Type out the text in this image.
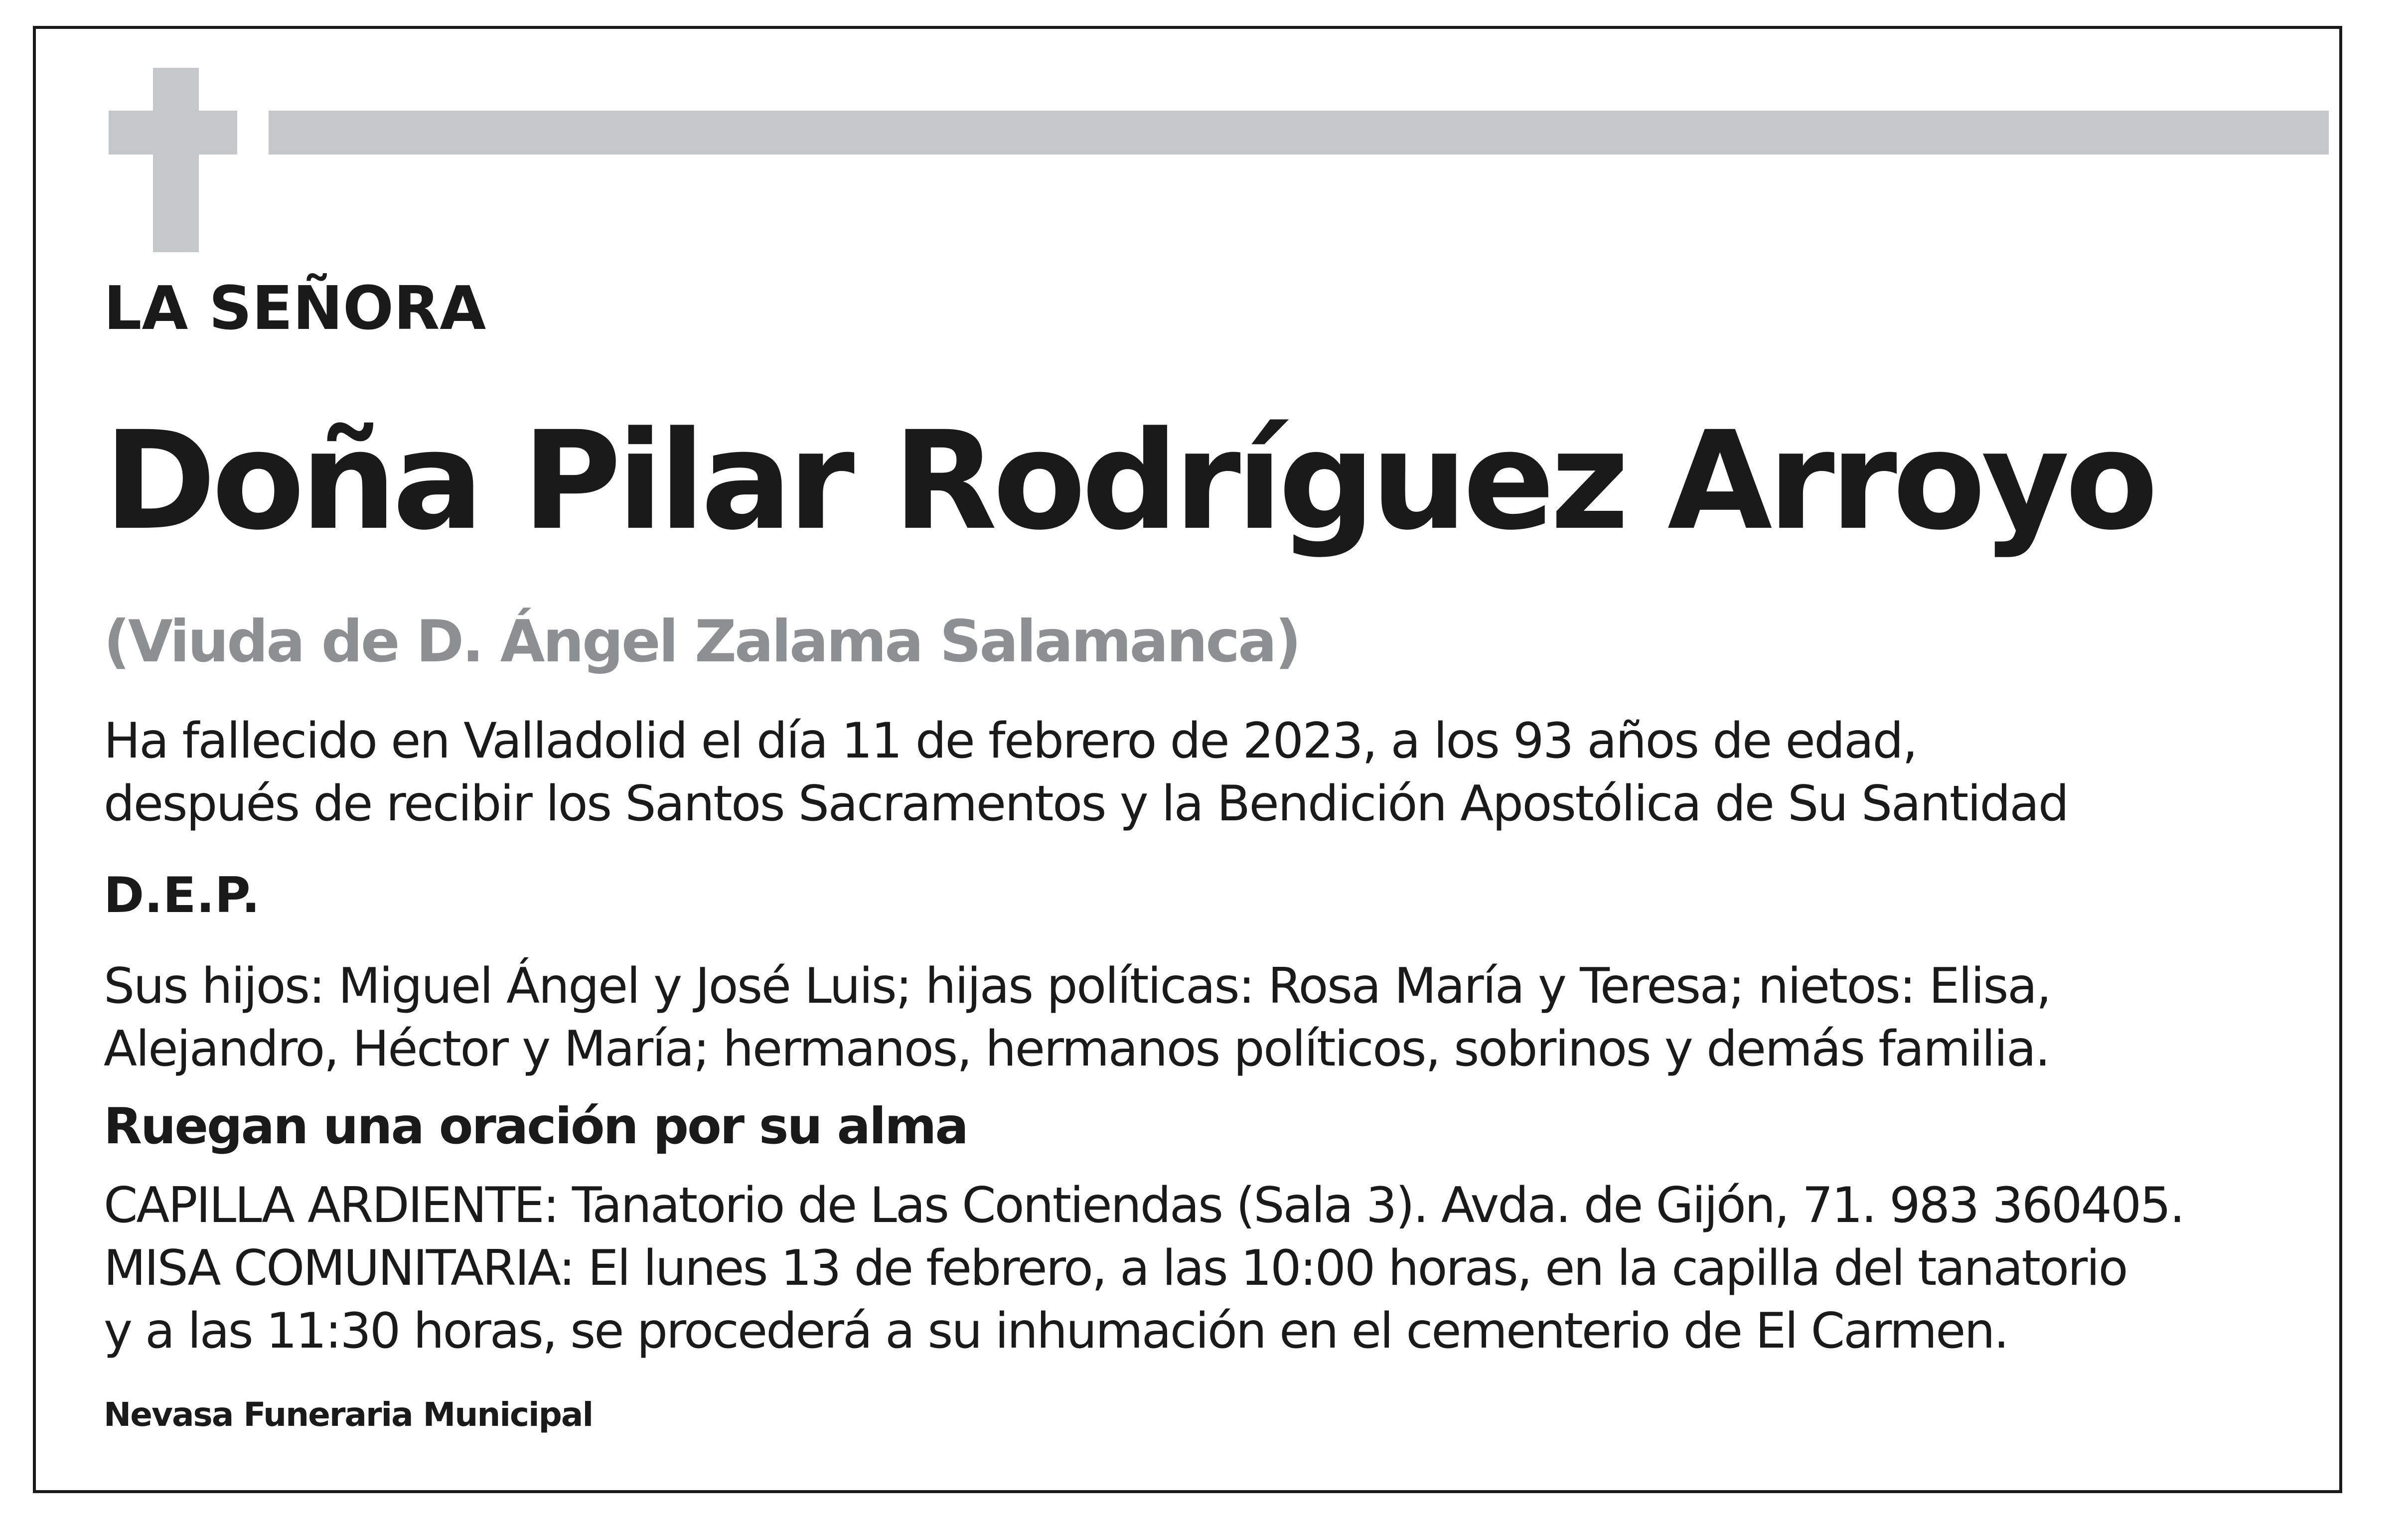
LA SEÑORA

Doña Pilar Rodríguez Arroyo

(Viuda de D. Ángel Zalama Salamanca)

Ha fallecido en Valladolid el día 11 de febrero de 2023, a los 93 años de edad,
después de recibir los Santos Sacramentos y la Bendición Apostólica de Su Santidad

D.E.P.

Sus hijos: Miguel Ángel y José Luis; hijas políticas: Rosa María y Teresa; nietos: Elisa,
Alejandro, Héctor y María; hermanos, hermanos políticos, sobrinos y demás familia.

Ruegan una oración por su alma

CAPILLA ARDIENTE: Tanatorio de Las Contiendas (Sala 3). Avda. de Gijón, 71. 983 360405.
MISA COMUNITARIA: El lunes 13 de febrero, a las 10:00 horas, en la capilla del tanatorio
y a las 11:30 horas, se procederá a su inhumación en el cementerio de El Carmen.

Nevasa Funeraria Municipal
